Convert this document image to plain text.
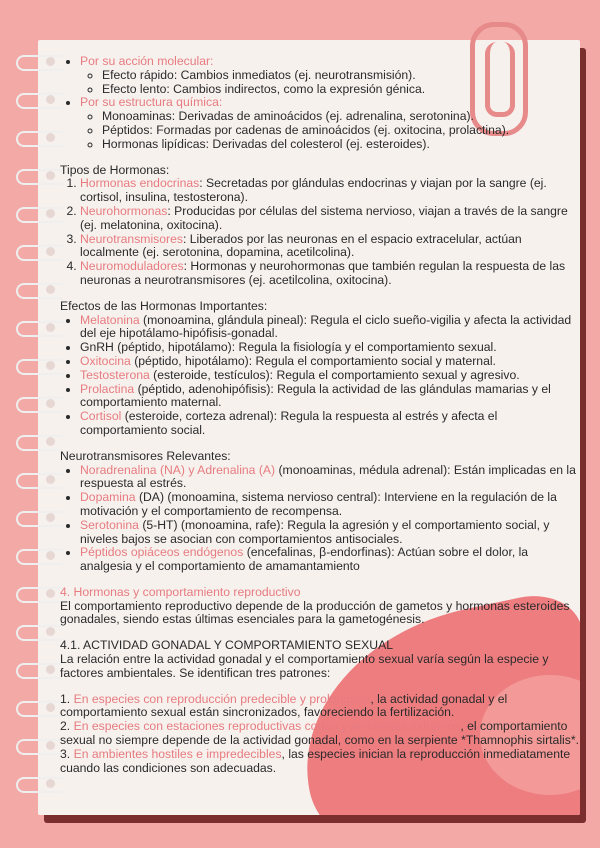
• Por su acción molecular:
◦ Efecto rápido: Cambios inmediatos (ej. neurotransmisión).
◦ Efecto lento: Cambios indirectos, como la expresión génica.
• Por su estructura química:
◦ Monoaminas: Derivadas de aminoácidos (ej. adrenalina, serotonina).
◦ Péptidos: Formadas por cadenas de aminoácidos (ej. oxitocina, prolactina).
◦ Hormonas lipídicas: Derivadas del colesterol (ej. esteroides).

Tipos de Hormonas:

1. Hormonas endocrinas: Secretadas por glándulas endocrinas y viajan por la sangre (ej. cortisol, insulina, testosterona).
2. Neurohormonas: Producidas por células del sistema nervioso, viajan a través de la sangre (ej. melatonina, oxitocina).
3. Neurotransmisores: Liberados por las neuronas en el espacio extracelular, actúan localmente (ej. serotonina, dopamina, acetilcolina).
4. Neuromoduladores: Hormonas y neurohormonas que también regulan la respuesta de las neuronas a neurotransmisores (ej. acetilcolina, oxitocina).

Efectos de las Hormonas Importantes:

• Melatonina (monoamina, glándula pineal): Regula el ciclo sueño-vigilia y afecta la actividad del eje hipotálamo-hipófisis-gonadal.
• GnRH (péptido, hipotálamo): Regula la fisiología y el comportamiento sexual.
• Oxitocina (péptido, hipotálamo): Regula el comportamiento social y maternal.
• Testosterona (esteroide, testículos): Regula el comportamiento sexual y agresivo.
• Prolactina (péptido, adenohipófisis): Regula la actividad de las glándulas mamarias y el comportamiento maternal.
• Cortisol (esteroide, corteza adrenal): Regula la respuesta al estrés y afecta el comportamiento social.

Neurotransmisores Relevantes:

• Noradrenalina (NA) y Adrenalina (A) (monoaminas, médula adrenal): Están implicadas en la respuesta al estrés.
• Dopamina (DA) (monoamina, sistema nervioso central): Interviene en la regulación de la motivación y el comportamiento de recompensa.
• Serotonina (5-HT) (monoamina, rafe): Regula la agresión y el comportamiento social, y niveles bajos se asocian con comportamientos antisociales.
• Péptidos opiáceos endógenos (encefalinas, β-endorfinas): Actúan sobre el dolor, la analgesia y el comportamiento de amamantamiento

4. Hormonas y comportamiento reproductivo

El comportamiento reproductivo depende de la producción de gametos y hormonas esteroides gonadales, siendo estas últimas esenciales para la gametogénesis.

4.1. ACTIVIDAD GONADAL Y COMPORTAMIENTO SEXUAL

La relación entre la actividad gonadal y el comportamiento sexual varía según la especie y factores ambientales. Se identifican tres patrones:

1. En especies con reproducción predecible y prolongada, la actividad gonadal y el comportamiento sexual están sincronizados, favoreciendo la fertilización.

2. En especies con estaciones reproductivas cortas y ambientes extremos, el comportamiento sexual no siempre depende de la actividad gonadal, como en la serpiente *Thamnophis sirtalis*.

3. En ambientes hostiles e impredecibles, las especies inician la reproducción inmediatamente cuando las condiciones son adecuadas.
